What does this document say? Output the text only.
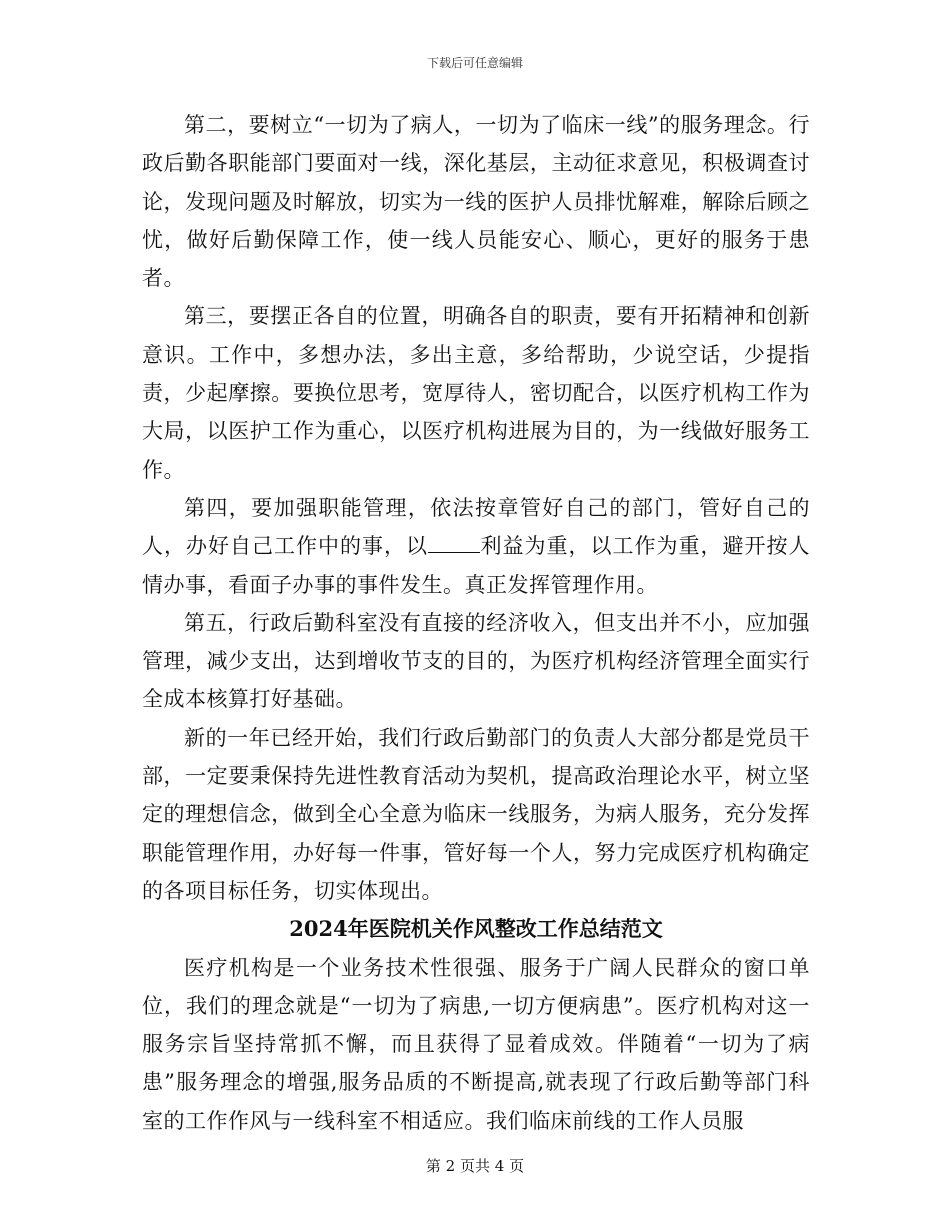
下载后可任意编辑

第二，要树立“一切为了病人，一切为了临床一线”的服务理念。行政后勤各职能部门要面对一线，深化基层，主动征求意见，积极调查讨论，发现问题及时解放，切实为一线的医护人员排忧解难，解除后顾之忧，做好后勤保障工作，使一线人员能安心、顺心，更好的服务于患者。

第三，要摆正各自的位置，明确各自的职责，要有开拓精神和创新意识。工作中，多想办法，多出主意，多给帮助，少说空话，少提指责，少起摩擦。要换位思考，宽厚待人，密切配合，以医疗机构工作为大局，以医护工作为重心，以医疗机构进展为目的，为一线做好服务工作。

第四，要加强职能管理，依法按章管好自己的部门，管好自己的人，办好自己工作中的事，以 利益为重，以工作为重，避开按人情办事，看面子办事的事件发生。真正发挥管理作用。

第五，行政后勤科室没有直接的经济收入，但支出并不小，应加强管理，减少支出，达到增收节支的目的，为医疗机构经济管理全面实行全成本核算打好基础。

新的一年已经开始，我们行政后勤部门的负责人大部分都是党员干部，一定要秉保持先进性教育活动为契机，提高政治理论水平，树立坚定的理想信念，做到全心全意为临床一线服务，为病人服务，充分发挥职能管理作用，办好每一件事，管好每一个人，努力完成医疗机构确定的各项目标任务，切实体现出。

2024年医院机关作风整改工作总结范文

医疗机构是一个业务技术性很强、服务于广阔人民群众的窗口单位，我们的理念就是“一切为了病患,一切方便病患”。医疗机构对这一服务宗旨坚持常抓不懈，而且获得了显着成效。伴随着“一切为了病患”服务理念的增强,服务品质的不断提高,就表现了行政后勤等部门科室的工作作风与一线科室不相适应。我们临床前线的工作人员服

第 2 页共 4 页
